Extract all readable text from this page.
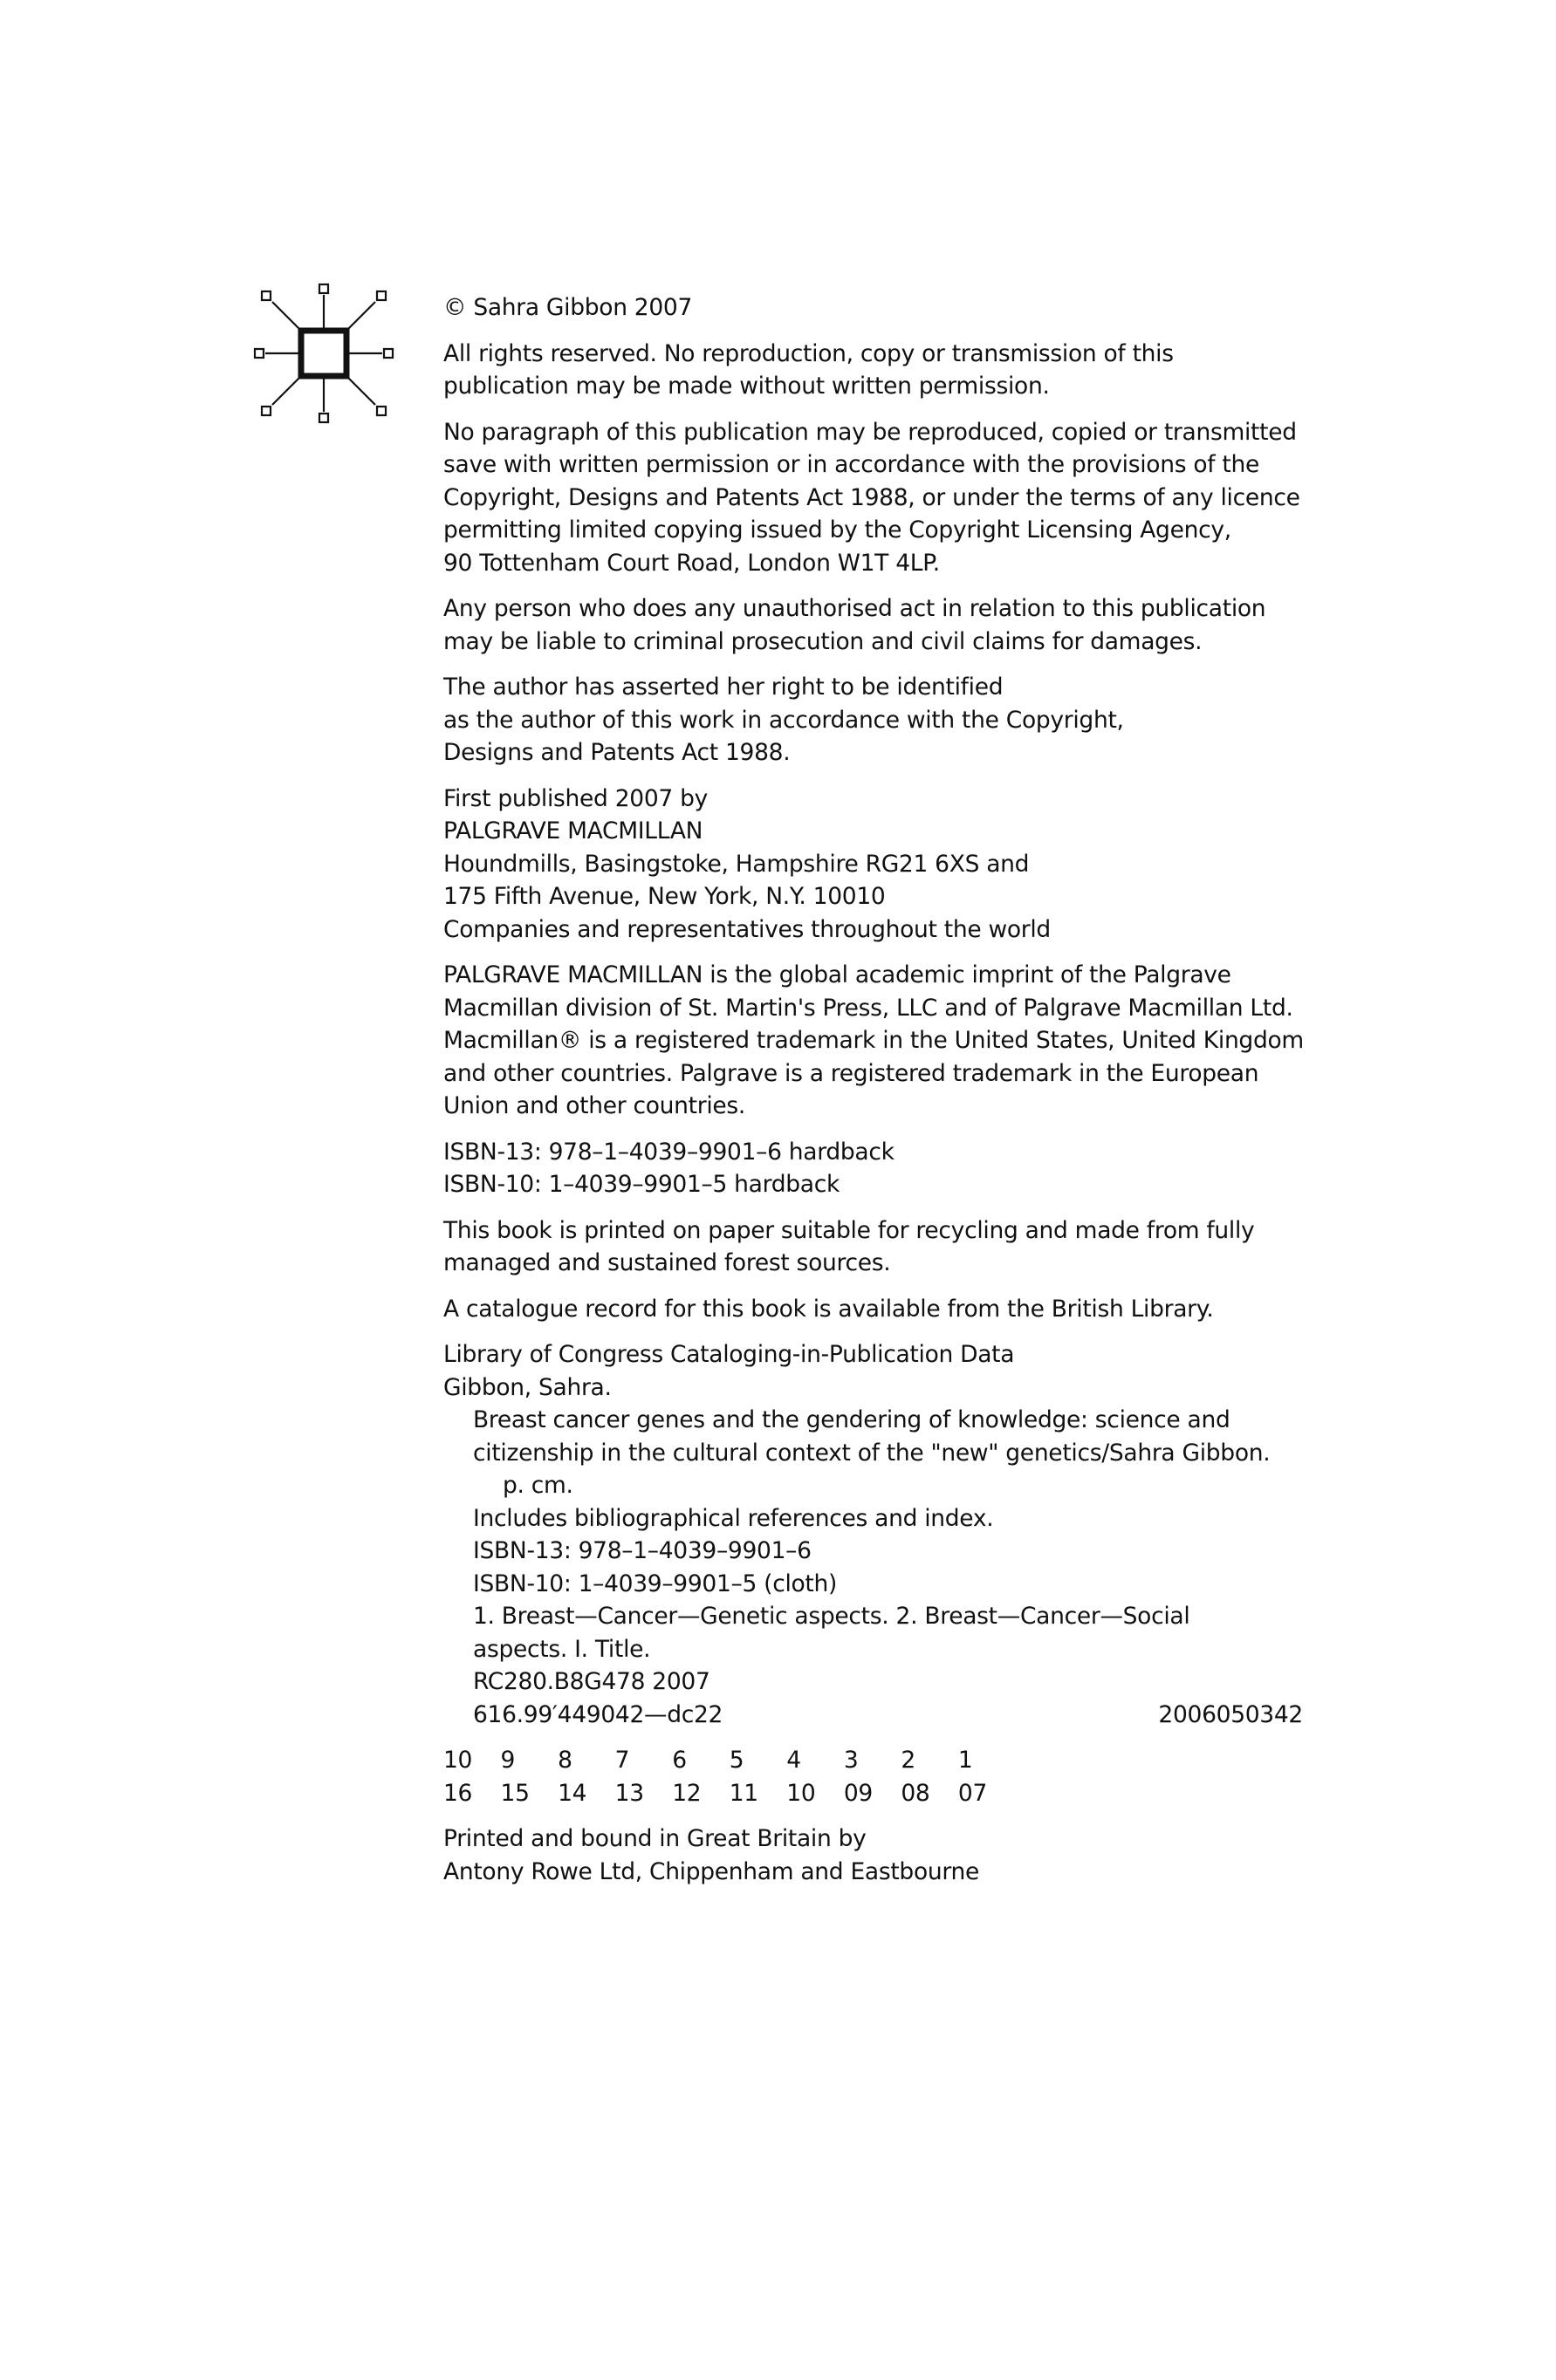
© Sahra Gibbon 2007
All rights reserved. No reproduction, copy or transmission of this
publication may be made without written permission.
No paragraph of this publication may be reproduced, copied or transmitted
save with written permission or in accordance with the provisions of the
Copyright, Designs and Patents Act 1988, or under the terms of any licence
permitting limited copying issued by the Copyright Licensing Agency,
90 Tottenham Court Road, London W1T 4LP.
Any person who does any unauthorised act in relation to this publication
may be liable to criminal prosecution and civil claims for damages.
The author has asserted her right to be identified
as the author of this work in accordance with the Copyright,
Designs and Patents Act 1988.
First published 2007 by
PALGRAVE MACMILLAN
Houndmills, Basingstoke, Hampshire RG21 6XS and
175 Fifth Avenue, New York, N.Y. 10010
Companies and representatives throughout the world
PALGRAVE MACMILLAN is the global academic imprint of the Palgrave
Macmillan division of St. Martin's Press, LLC and of Palgrave Macmillan Ltd.
Macmillan® is a registered trademark in the United States, United Kingdom
and other countries. Palgrave is a registered trademark in the European
Union and other countries.
ISBN-13: 978–1–4039–9901–6 hardback
ISBN-10: 1–4039–9901–5 hardback
This book is printed on paper suitable for recycling and made from fully
managed and sustained forest sources.
A catalogue record for this book is available from the British Library.
Library of Congress Cataloging-in-Publication Data
Gibbon, Sahra.
Breast cancer genes and the gendering of knowledge: science and
citizenship in the cultural context of the "new" genetics/Sahra Gibbon.
p. cm.
Includes bibliographical references and index.
ISBN-13: 978–1–4039–9901–6
ISBN-10: 1–4039–9901–5 (cloth)
1. Breast—Cancer—Genetic aspects. 2. Breast—Cancer—Social
aspects. I. Title.
RC280.B8G478 2007
616.99′449042—dc22	2006050342
10 9	8	7	6	5	4	3	2	1
16 15 14 13 12 11 10 09 08 07
Printed and bound in Great Britain by
Antony Rowe Ltd, Chippenham and Eastbourne
